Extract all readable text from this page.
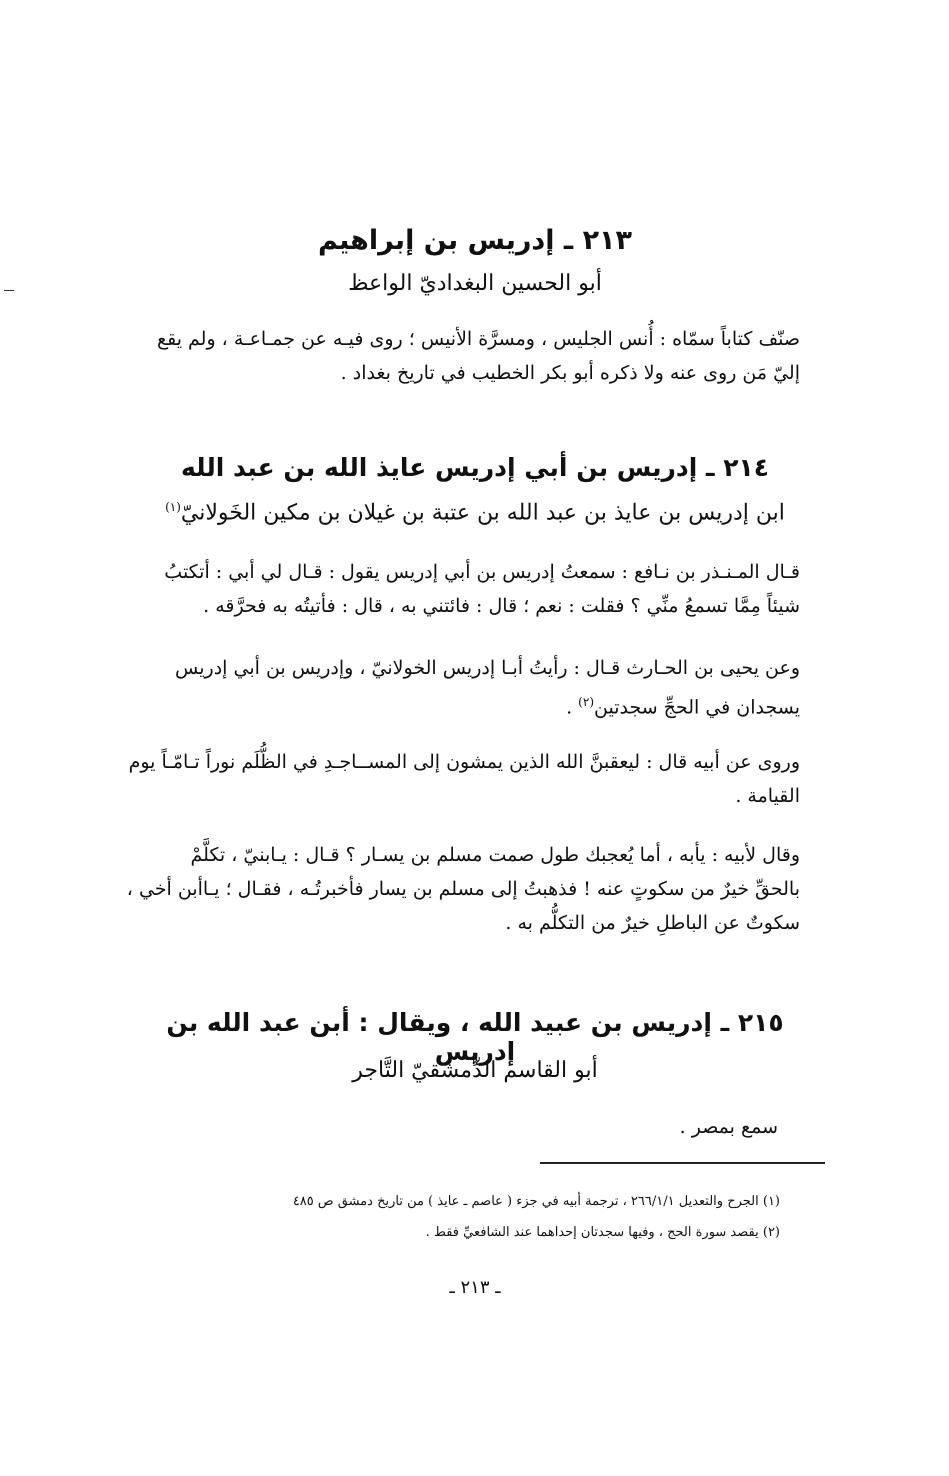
٢١٣ ـ إدريس بن إبراهيم
أبو الحسين البغداديّ الواعظ
صنّف كتاباً سمّاه : أُنس الجليس ، ومسرَّة الأنيس ؛ روى فيـه عن جمـاعـة ، ولم يقع
إليّ مَن روى عنه ولا ذكره أبو بكر الخطيب في تاريخ بغداد .
٢١٤ ـ إدريس بن أبي إدريس عايذ الله بن عبد الله
ابن إدريس بن عايذ بن عبد الله بن عتبة بن غيلان بن مكين الخَولانيّ$^{(١)}$
قـال المـنـذر بن نـافع : سمعتُ إدريس بن أبي إدريس يقول : قـال لي أبي : أتكتبُ
شيئاً مِمَّا تسمعُ منِّي ؟ فقلت : نعم ؛ قال : فائتني به ، قال : فأتيتُه به فحرَّقه .
وعن يحيى بن الحـارث قـال : رأيتُ أبـا إدريس الخولانيّ ، وإدريس بن أبي إدريس
يسجدان في الحجِّ سجدتين$^{(٢)}$ .
وروى عن أبيه قال : ليعقبنَّ الله الذين يمشون إلى المســاجـدِ في الظُّلَم نوراً تـامّـاً يوم
القيامة .
وقال لأبيه : يأبه ، أما يُعجبك طول صمت مسلم بن يسـار ؟ قـال : يـابنيّ ، تكلَّمْ
بالحقِّ خيرٌ من سكوتٍ عنه ! فذهبتُ إلى مسلم بن يسار فأخبرتُـه ، فقـال ؛ يـاأبن أخي ،
سكوتٌ عن الباطلِ خيرٌ من التكلُّم به .
٢١٥ ـ إدريس بن عبيد الله ، ويقال : أبن عبد الله بن إدريس
أبو القاسم الدِّمشقيّ التَّاجر
سمع بمصر .
(١) الجرح والتعديل ٢٦٦/١/١ ، ترجمة أبيه في جزء ( عاصم ـ عايذ ) من تاريخ دمشق ص ٤٨٥
(٢) يقصد سورة الحج ، وفيها سجدتان إحداهما عند الشافعيِّ فقط .
ـ ٢١٣ ـ
